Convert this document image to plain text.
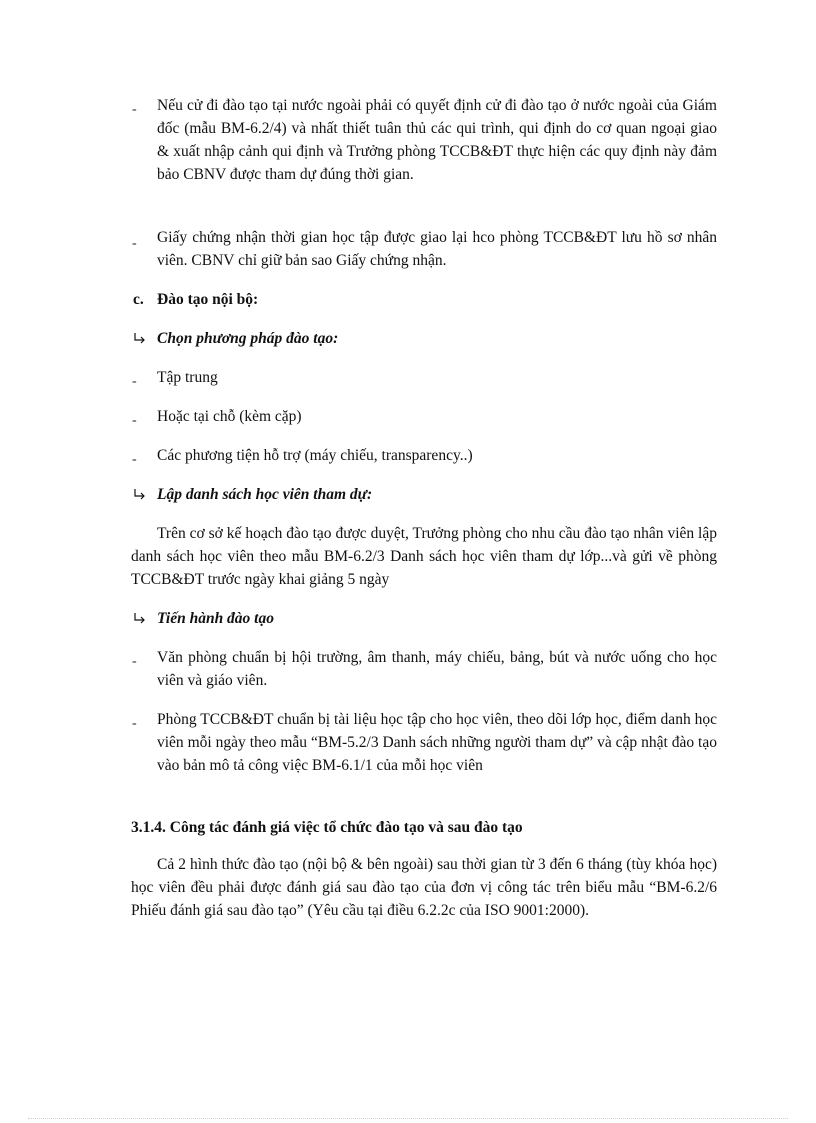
- Nếu cử đi đào tạo tại nước ngoài phải có quyết định cử đi đào tạo ở nước ngoài của Giám đốc (mẫu BM-6.2/4) và nhất thiết tuân thủ các qui trình, qui định do cơ quan ngoại giao & xuất nhập cảnh qui định và Trưởng phòng TCCB&ĐT thực hiện các quy định này đảm bảo CBNV được tham dự đúng thời gian.
- Giấy chứng nhận thời gian học tập được giao lại hco phòng TCCB&ĐT lưu hồ sơ nhân viên. CBNV chỉ giữ bản sao Giấy chứng nhận.
c. Đào tạo nội bộ:
Chọn phương pháp đào tạo:
- Tập trung
- Hoặc tại chỗ (kèm cặp)
- Các phương tiện hỗ trợ (máy chiếu, transparency..)
Lập danh sách học viên tham dự:
Trên cơ sở kế hoạch đào tạo được duyệt, Trưởng phòng cho nhu cầu đào tạo nhân viên lập danh sách học viên theo mẫu BM-6.2/3 Danh sách học viên tham dự lớp...và gửi về phòng TCCB&ĐT trước ngày khai giảng 5 ngày
Tiến hành đào tạo
- Văn phòng chuẩn bị hội trường, âm thanh, máy chiếu, bảng, bút và nước uống cho học viên và giáo viên.
- Phòng TCCB&ĐT chuẩn bị tài liệu học tập cho học viên, theo dõi lớp học, điểm danh học viên mỗi ngày theo mẫu “BM-5.2/3 Danh sách những người tham dự” và cập nhật đào tạo vào bản mô tả công việc BM-6.1/1 của mỗi học viên
3.1.4. Công tác đánh giá việc tổ chức đào tạo và sau đào tạo
Cả 2 hình thức đào tạo (nội bộ & bên ngoài) sau thời gian từ 3 đến 6 tháng (tùy khóa học) học viên đều phải được đánh giá sau đào tạo của đơn vị công tác trên biểu mẫu “BM-6.2/6 Phiếu đánh giá sau đào tạo” (Yêu cầu tại điều 6.2.2c của ISO 9001:2000).
